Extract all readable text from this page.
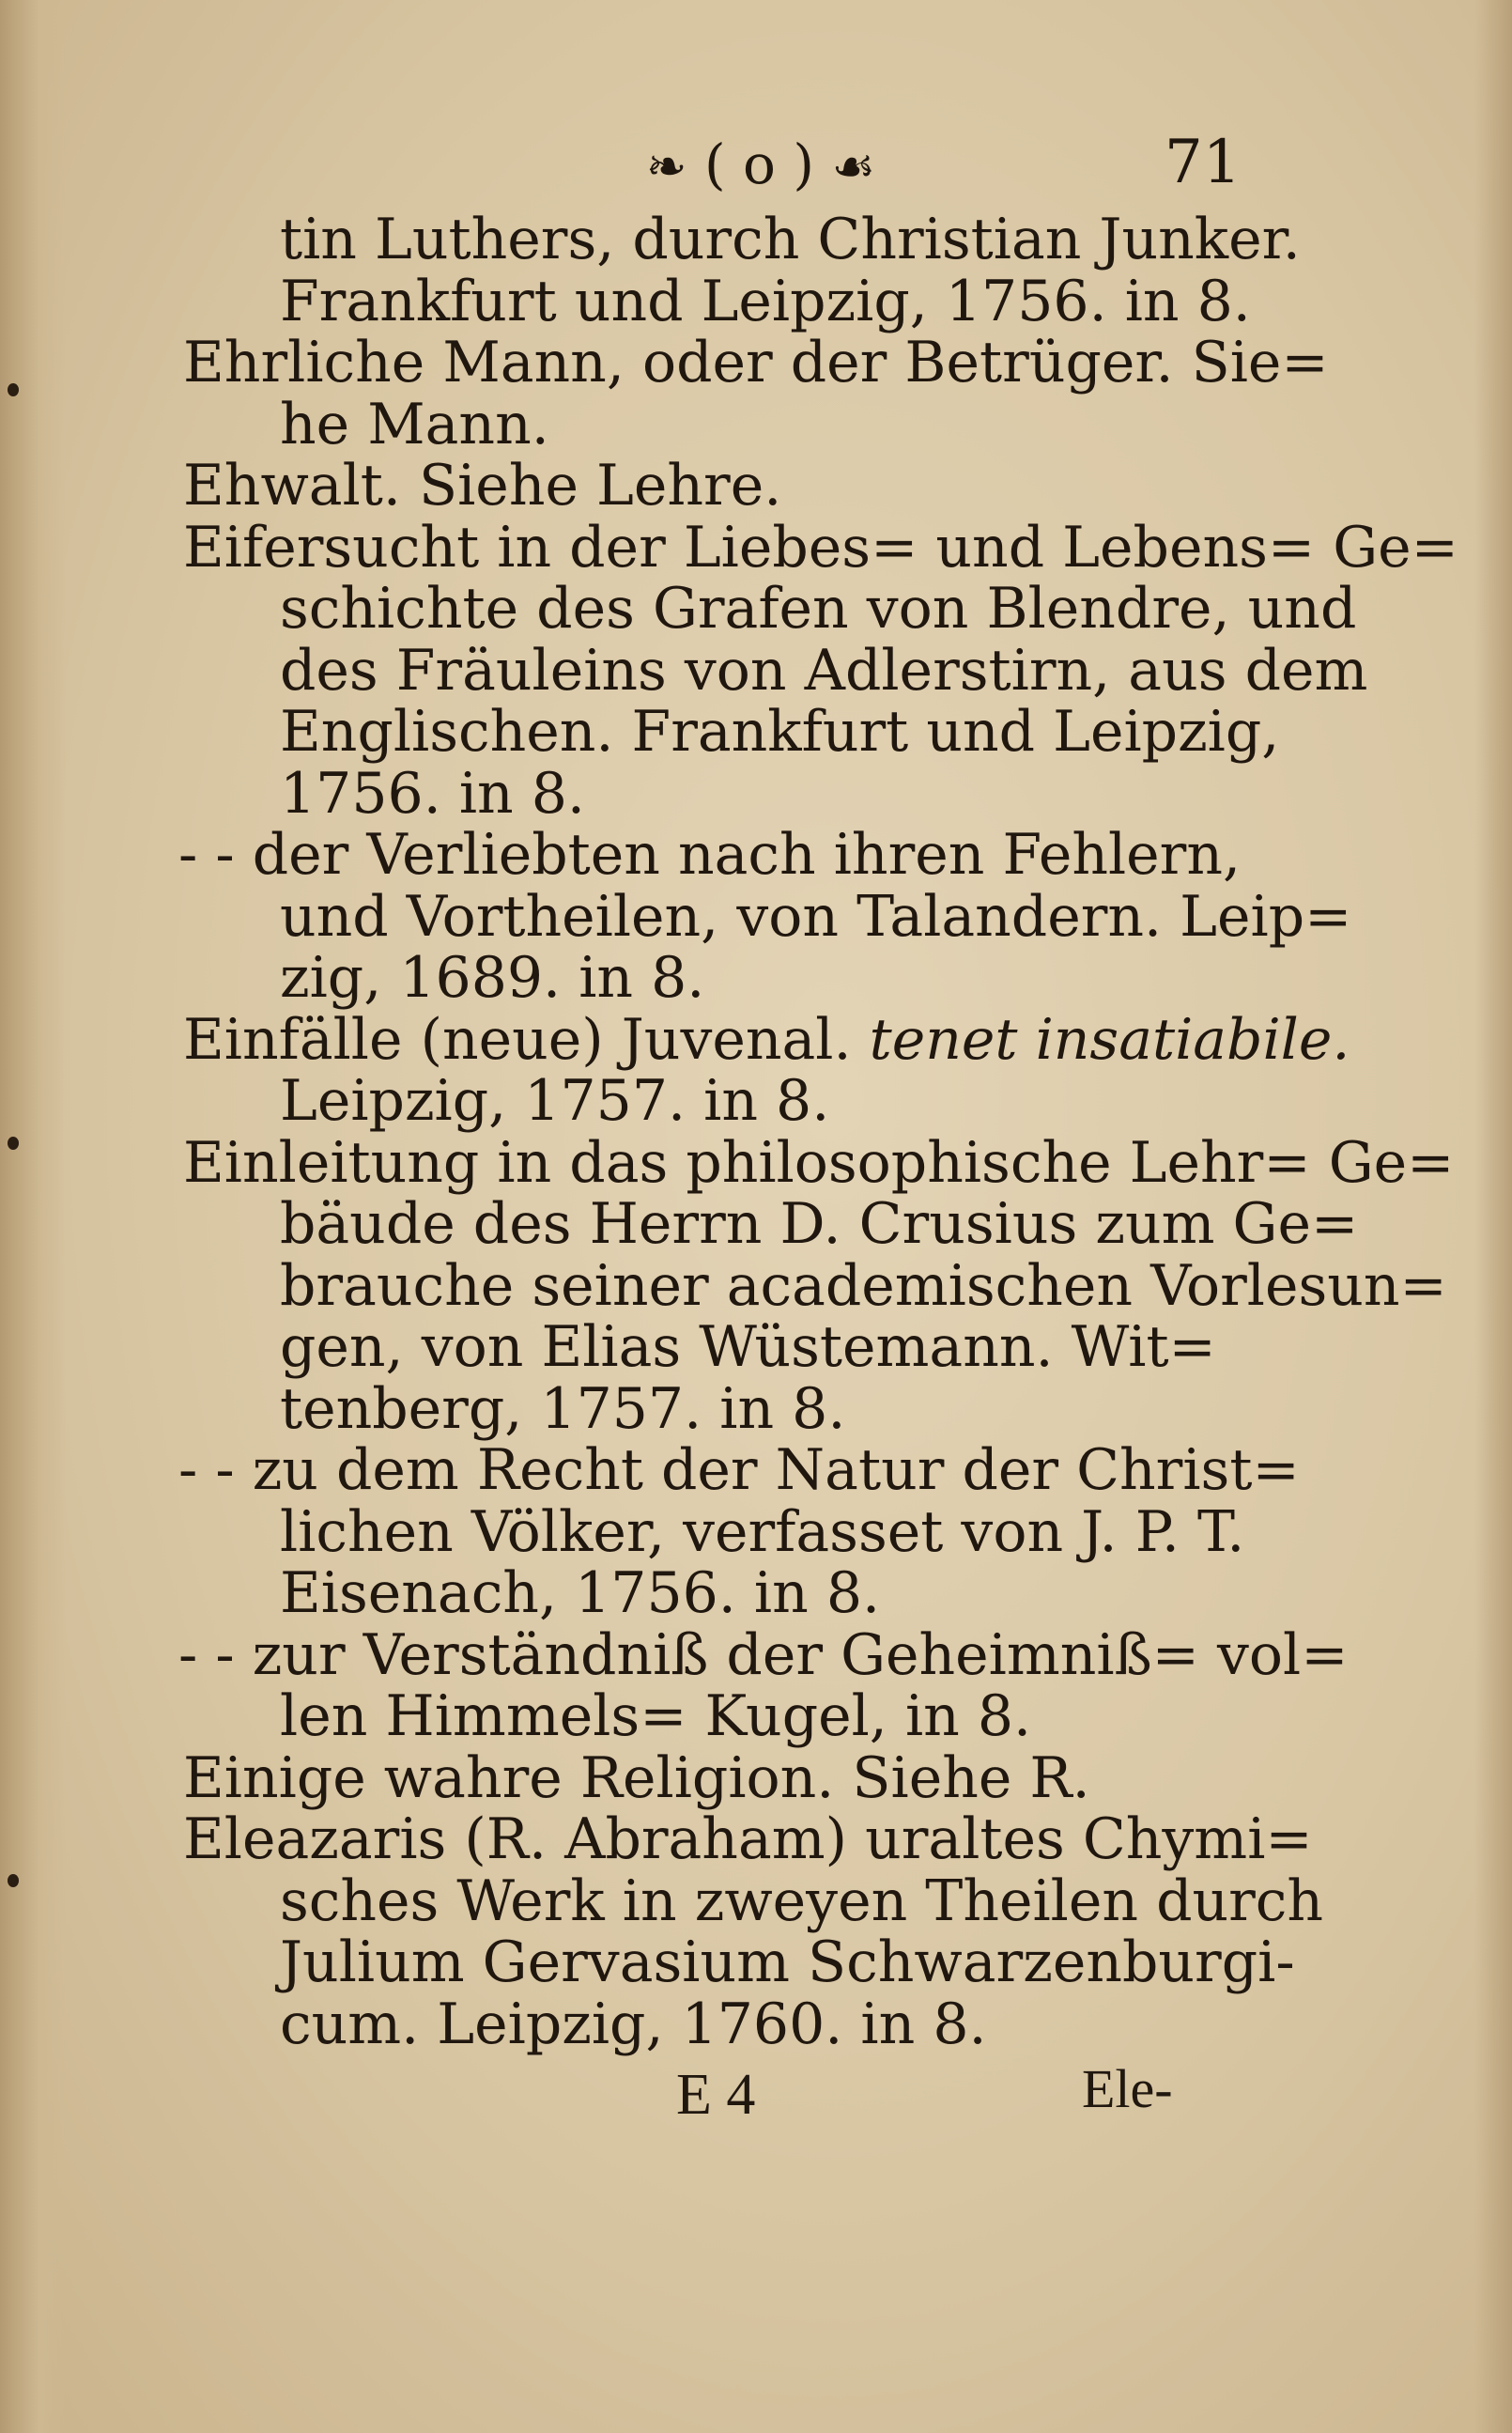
❧ ( o ) ☙	71
tin Luthers, durch Christian Junker.
Frankfurt und Leipzig, 1756. in 8.
Ehrliche Mann, oder der Betrüger. Sie=
he Mann.
Ehwalt. Siehe Lehre.
Eifersucht in der Liebes= und Lebens= Ge=
schichte des Grafen von Blendre, und
des Fräuleins von Adlerstirn, aus dem
Englischen. Frankfurt und Leipzig,
1756. in 8.
- - der Verliebten nach ihren Fehlern,
und Vortheilen, von Talandern. Leip=
zig, 1689. in 8.
Einfälle (neue) Juvenal. tenet insatiabile.
Leipzig, 1757. in 8.
Einleitung in das philosophische Lehr= Ge=
bäude des Herrn D. Crusius zum Ge=
brauche seiner academischen Vorlesun=
gen, von Elias Wüstemann. Wit=
tenberg, 1757. in 8.
- - zu dem Recht der Natur der Christ=
lichen Völker, verfasset von J. P. T.
Eisenach, 1756. in 8.
- - zur Verständniß der Geheimniß= vol=
len Himmels= Kugel, in 8.
Einige wahre Religion. Siehe R.
Eleazaris (R. Abraham) uraltes Chymi=
sches Werk in zweyen Theilen durch
Julium Gervasium Schwarzenburgi-
cum. Leipzig, 1760. in 8.
E 4	Ele-
